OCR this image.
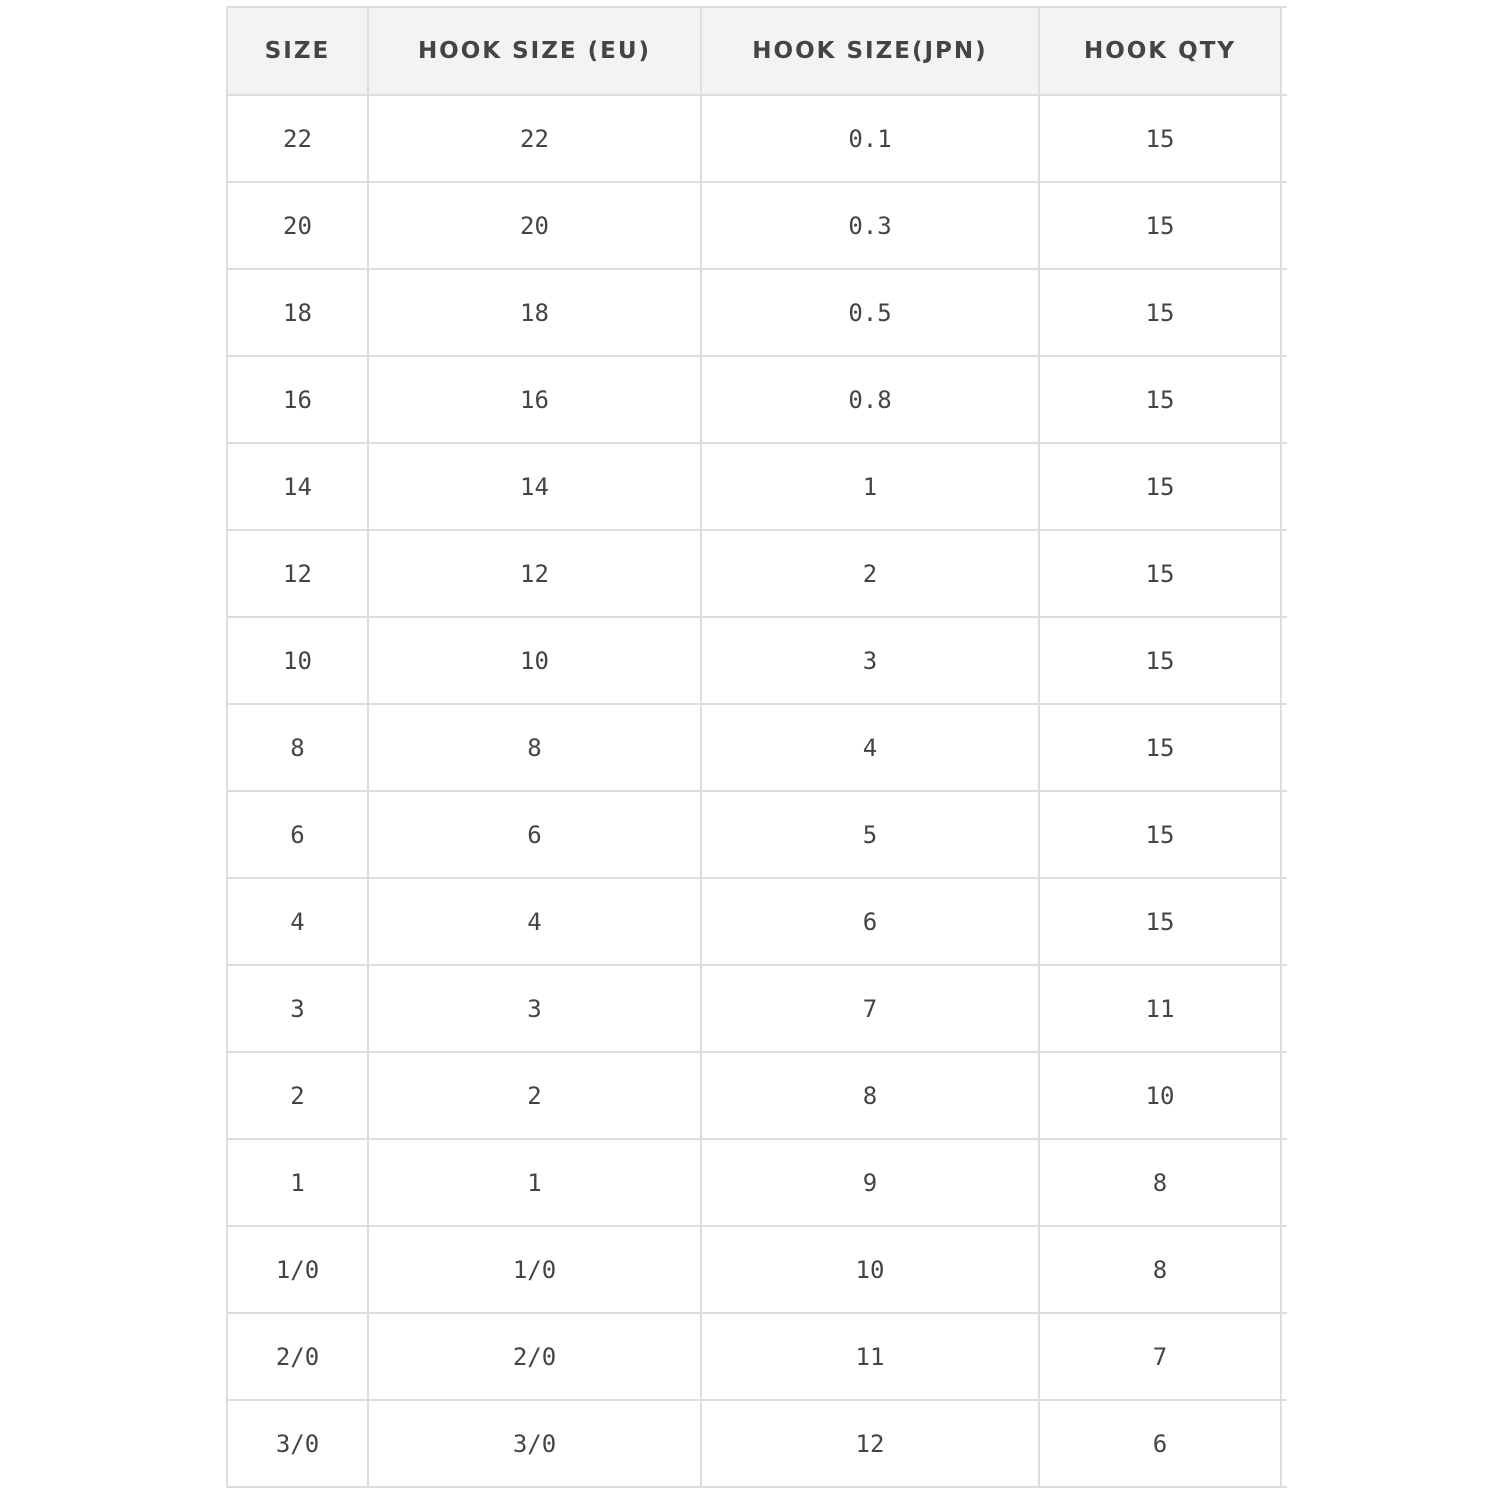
SIZE	HOOK SIZE (EU)	HOOK SIZE(JPN)	HOOK QTY	
22	22	0.1	15	
20	20	0.3	15	
18	18	0.5	15	
16	16	0.8	15	
14	14	1	15	
12	12	2	15	
10	10	3	15	
8	8	4	15	
6	6	5	15	
4	4	6	15	
3	3	7	11	
2	2	8	10	
1	1	9	8	
1/0	1/0	10	8	
2/0	2/0	11	7	
3/0	3/0	12	6	
